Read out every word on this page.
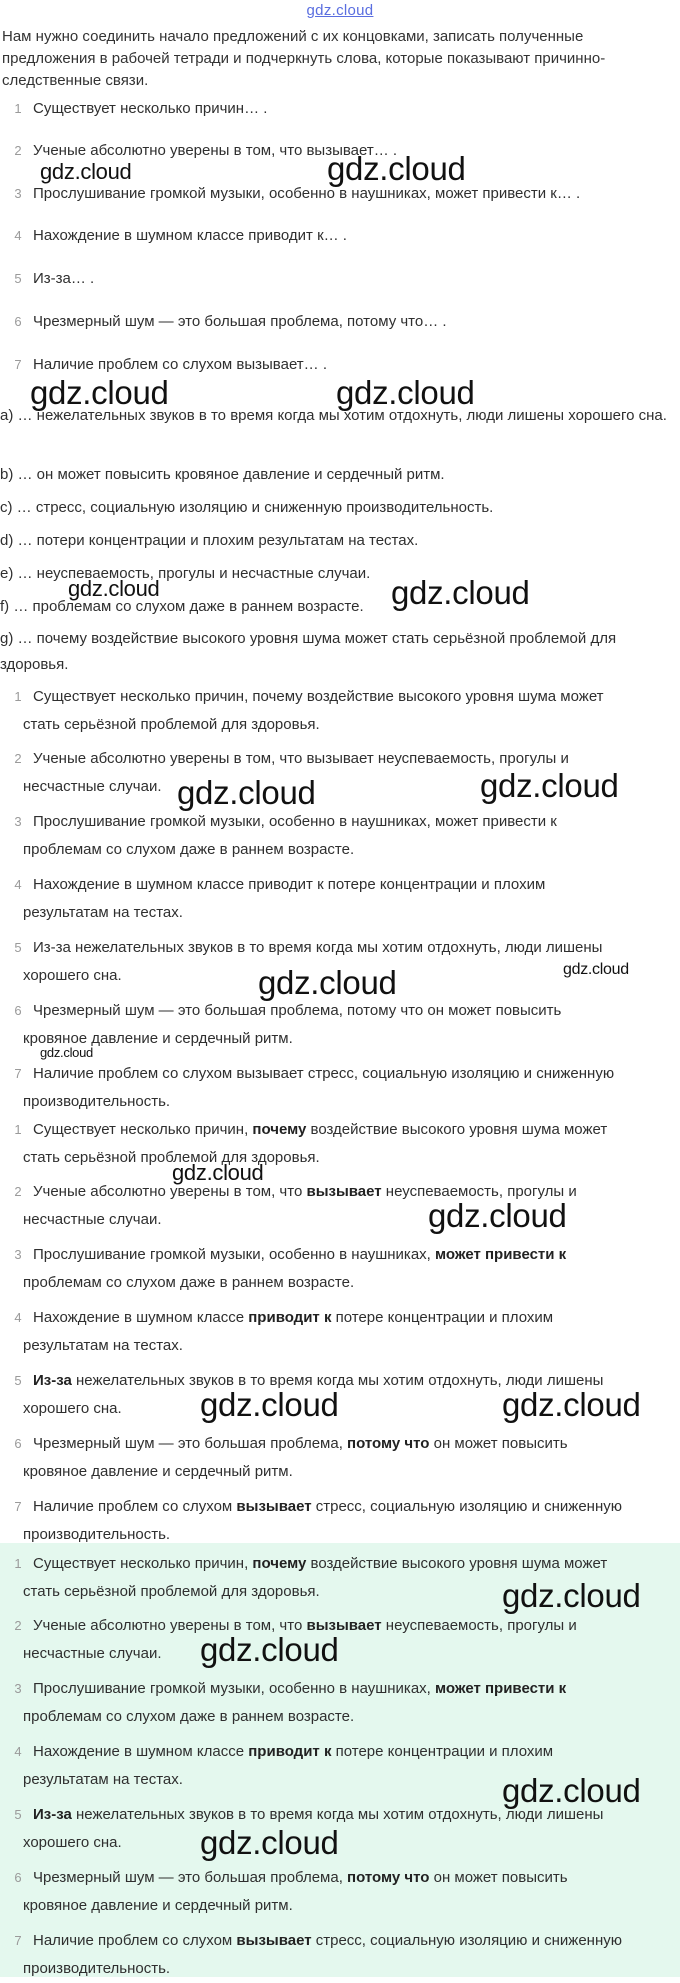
gdz.cloud
Нам нужно соединить начало предложений с их концовками, записать полученные предложения в рабочей тетради и подчеркнуть слова, которые показывают причинно-следственные связи.
1 Существует несколько причин… .
2 Ученые абсолютно уверены в том, что вызывает… .
3 Прослушивание громкой музыки, особенно в наушниках, может привести к… .
4 Нахождение в шумном классе приводит к… .
5 Из-за… .
6 Чрезмерный шум — это большая проблема, потому что… .
7 Наличие проблем со слухом вызывает… .
a) … нежелательных звуков в то время когда мы хотим отдохнуть, люди лишены хорошего сна.
b) … он может повысить кровяное давление и сердечный ритм.
c) … стресс, социальную изоляцию и сниженную производительность.
d) … потери концентрации и плохим результатам на тестах.
e) … неуспеваемость, прогулы и несчастные случаи.
f) … проблемам со слухом даже в раннем возрасте.
g) … почему воздействие высокого уровня шума может стать серьёзной проблемой для здоровья.
1 Существует несколько причин, почему воздействие высокого уровня шума может
стать серьёзной проблемой для здоровья.
2 Ученые абсолютно уверены в том, что вызывает неуспеваемость, прогулы и
несчастные случаи.
3 Прослушивание громкой музыки, особенно в наушниках, может привести к
проблемам со слухом даже в раннем возрасте.
4 Нахождение в шумном классе приводит к потере концентрации и плохим
результатам на тестах.
5 Из-за нежелательных звуков в то время когда мы хотим отдохнуть, люди лишены
хорошего сна.
6 Чрезмерный шум — это большая проблема, потому что он может повысить
кровяное давление и сердечный ритм.
7 Наличие проблем со слухом вызывает стресс, социальную изоляцию и сниженную
производительность.
1 Существует несколько причин, почему воздействие высокого уровня шума может
стать серьёзной проблемой для здоровья.
2 Ученые абсолютно уверены в том, что вызывает неуспеваемость, прогулы и
несчастные случаи.
3 Прослушивание громкой музыки, особенно в наушниках, может привести к
проблемам со слухом даже в раннем возрасте.
4 Нахождение в шумном классе приводит к потере концентрации и плохим
результатам на тестах.
5 Из-за нежелательных звуков в то время когда мы хотим отдохнуть, люди лишены
хорошего сна.
6 Чрезмерный шум — это большая проблема, потому что он может повысить
кровяное давление и сердечный ритм.
7 Наличие проблем со слухом вызывает стресс, социальную изоляцию и сниженную
производительность.
1 Существует несколько причин, почему воздействие высокого уровня шума может
стать серьёзной проблемой для здоровья.
2 Ученые абсолютно уверены в том, что вызывает неуспеваемость, прогулы и
несчастные случаи.
3 Прослушивание громкой музыки, особенно в наушниках, может привести к
проблемам со слухом даже в раннем возрасте.
4 Нахождение в шумном классе приводит к потере концентрации и плохим
результатам на тестах.
5 Из-за нежелательных звуков в то время когда мы хотим отдохнуть, люди лишены
хорошего сна.
6 Чрезмерный шум — это большая проблема, потому что он может повысить
кровяное давление и сердечный ритм.
7 Наличие проблем со слухом вызывает стресс, социальную изоляцию и сниженную
производительность.
gdz.cloud	gdz.cloud
gdz.cloud	gdz.cloud
gdz.cloud	gdz.cloud
gdz.cloud	gdz.cloud
gdz.cloud	gdz.cloud
gdz.cloud
gdz.cloud
gdz.cloud
gdz.cloud	gdz.cloud
gdz.cloud
gdz.cloud
gdz.cloud
gdz.cloud
